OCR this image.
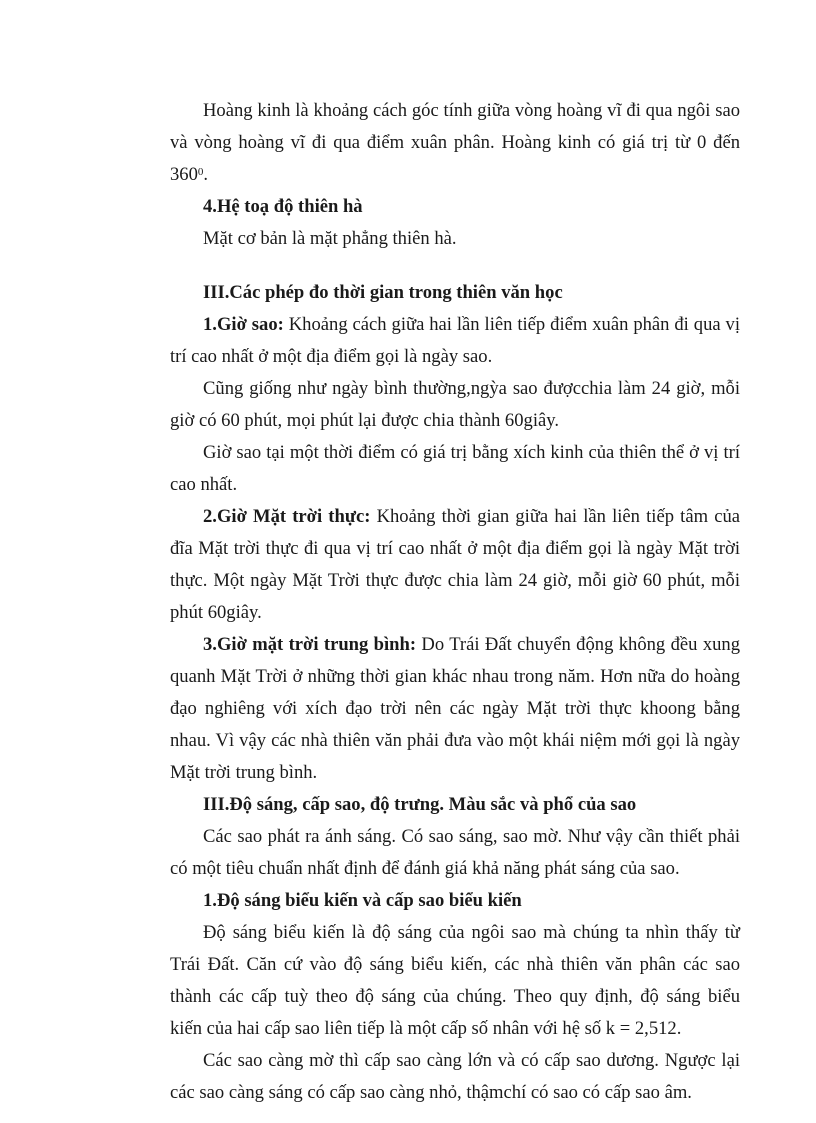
Hoàng kinh là khoảng cách góc tính giữa vòng hoàng vĩ đi qua ngôi sao

và vòng hoàng vĩ đi qua điểm xuân phân. Hoàng kinh có giá trị từ 0 đến

$360^0$.

4.Hệ toạ độ thiên hà

Mặt cơ bản là mặt phẳng thiên hà.

III.Các phép đo thời gian trong thiên văn học

1.Giờ sao: Khoảng cách giữa hai lần liên tiếp điểm xuân phân đi qua vị

trí cao nhất ở một địa điểm gọi là ngày sao.

Cũng giống như ngày bình thường,ngỳa sao đượcchia làm 24 giờ, mỗi

giờ có 60 phút, mọi phút lại được chia thành 60giây.

Giờ sao tại một thời điểm có giá trị bằng xích kinh của thiên thể ở vị trí

cao nhất.

2.Giờ Mặt trời thực: Khoảng thời gian giữa hai lần liên tiếp tâm của

đĩa Mặt trời thực đi qua vị trí cao nhất ở một địa điểm gọi là ngày Mặt trời

thực. Một ngày Mặt Trời thực được chia làm 24 giờ, mỗi giờ 60 phút, mỗi

phút 60giây.

3.Giờ mặt trời trung bình: Do Trái Đất chuyển động không đều xung

quanh Mặt Trời ở những thời gian khác nhau trong năm. Hơn nữa do hoàng

đạo nghiêng với xích đạo trời nên các ngày Mặt trời thực khoong bằng

nhau. Vì vậy các nhà thiên văn phải đưa vào một khái niệm mới gọi là ngày

Mặt trời trung bình.

III.Độ sáng, cấp sao, độ trưng. Màu sắc và phổ của sao

Các sao phát ra ánh sáng. Có sao sáng, sao mờ. Như vậy cần thiết phải

có một tiêu chuẩn nhất định để đánh giá khả năng phát sáng của sao.

1.Độ sáng biểu kiến và cấp sao biểu kiến

Độ sáng biểu kiến là độ sáng của ngôi sao mà chúng ta nhìn thấy từ

Trái Đất. Căn cứ vào độ sáng biểu kiến, các nhà thiên văn phân các sao

thành các cấp tuỳ theo độ sáng của chúng. Theo quy định, độ sáng biểu

kiến của hai cấp sao liên tiếp là một cấp số nhân với hệ số k = 2,512.

Các sao càng mờ thì cấp sao càng lớn và có cấp sao dương. Ngược lại

các sao càng sáng có cấp sao càng nhỏ, thậmchí có sao có cấp sao âm.
